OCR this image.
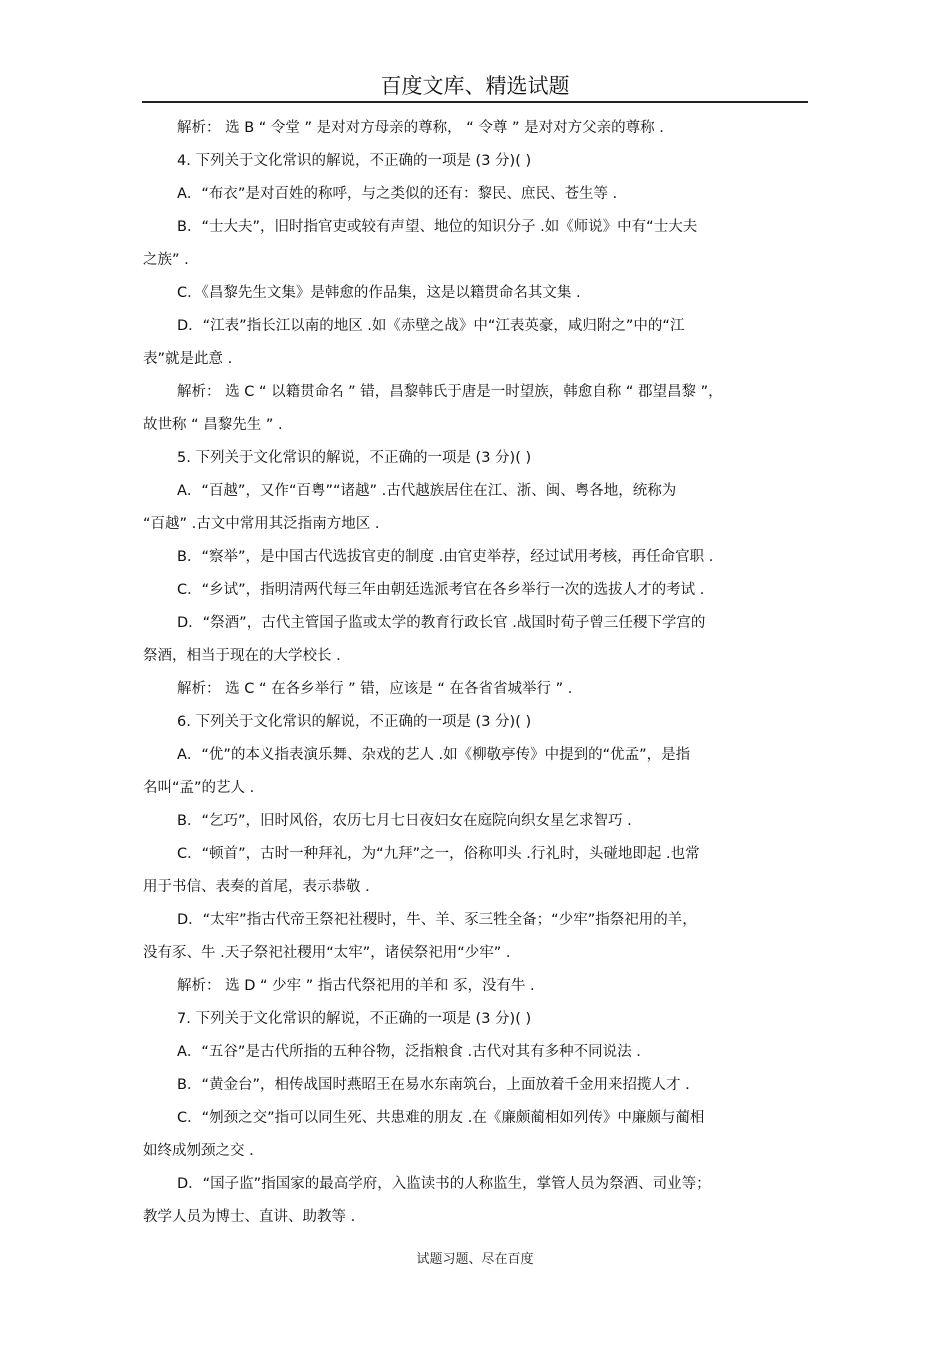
百度文库、精选试题
解析： 选 B “ 令堂 ” 是对对方母亲的尊称， “ 令尊 ” 是对对方父亲的尊称 .
4. 下列关于文化常识的解说，不正确的一项是 (3 分)( )
A．“布衣”是对百姓的称呼，与之类似的还有：黎民、庶民、苍生等 .
B．“士大夫”，旧时指官吏或较有声望、地位的知识分子 .如《师说》中有“士大夫
之族” .
C．《昌黎先生文集》是韩愈的作品集，这是以籍贯命名其文集 .
D．“江表”指长江以南的地区 .如《赤壁之战》中“江表英豪，咸归附之”中的“江
表”就是此意 .
解析： 选 C “ 以籍贯命名 ” 错，昌黎韩氏于唐是一时望族，韩愈自称 “ 郡望昌黎 ”，
故世称 “ 昌黎先生 ” .
5. 下列关于文化常识的解说，不正确的一项是 (3 分)( )
A．“百越”，又作“百粤”“诸越” .古代越族居住在江、浙、闽、粤各地，统称为
“百越” .古文中常用其泛指南方地区 .
B．“察举”，是中国古代选拔官吏的制度 .由官吏举荐，经过试用考核，再任命官职 .
C．“乡试”，指明清两代每三年由朝廷选派考官在各乡举行一次的选拔人才的考试 .
D．“祭酒”，古代主管国子监或太学的教育行政长官 .战国时荀子曾三任稷下学宫的
祭酒，相当于现在的大学校长 .
解析： 选 C “ 在各乡举行 ” 错，应该是 “ 在各省省城举行 ” .
6. 下列关于文化常识的解说，不正确的一项是 (3 分)( )
A．“优”的本义指表演乐舞、杂戏的艺人 .如《柳敬亭传》中提到的“优孟”，是指
名叫“孟”的艺人 .
B．“乞巧”，旧时风俗，农历七月七日夜妇女在庭院向织女星乞求智巧 .
C．“顿首”，古时一种拜礼，为“九拜”之一，俗称叩头 .行礼时，头碰地即起 .也常
用于书信、表奏的首尾，表示恭敬 .
D．“太牢”指古代帝王祭祀社稷时，牛、羊、豕三牲全备；“少牢”指祭祀用的羊，
没有豕、牛 .天子祭祀社稷用“太牢”，诸侯祭祀用“少牢” .
解析： 选 D “ 少牢 ” 指古代祭祀用的羊和 豕，没有牛 .
7. 下列关于文化常识的解说，不正确的一项是 (3 分)( )
A．“五谷”是古代所指的五种谷物，泛指粮食 .古代对其有多种不同说法 .
B．“黄金台”，相传战国时燕昭王在易水东南筑台，上面放着千金用来招揽人才 .
C．“刎颈之交”指可以同生死、共患难的朋友 .在《廉颇蔺相如列传》中廉颇与蔺相
如终成刎颈之交 .
D．“国子监”指国家的最高学府，入监读书的人称监生，掌管人员为祭酒、司业等；
教学人员为博士、直讲、助教等 .
试题习题、尽在百度
